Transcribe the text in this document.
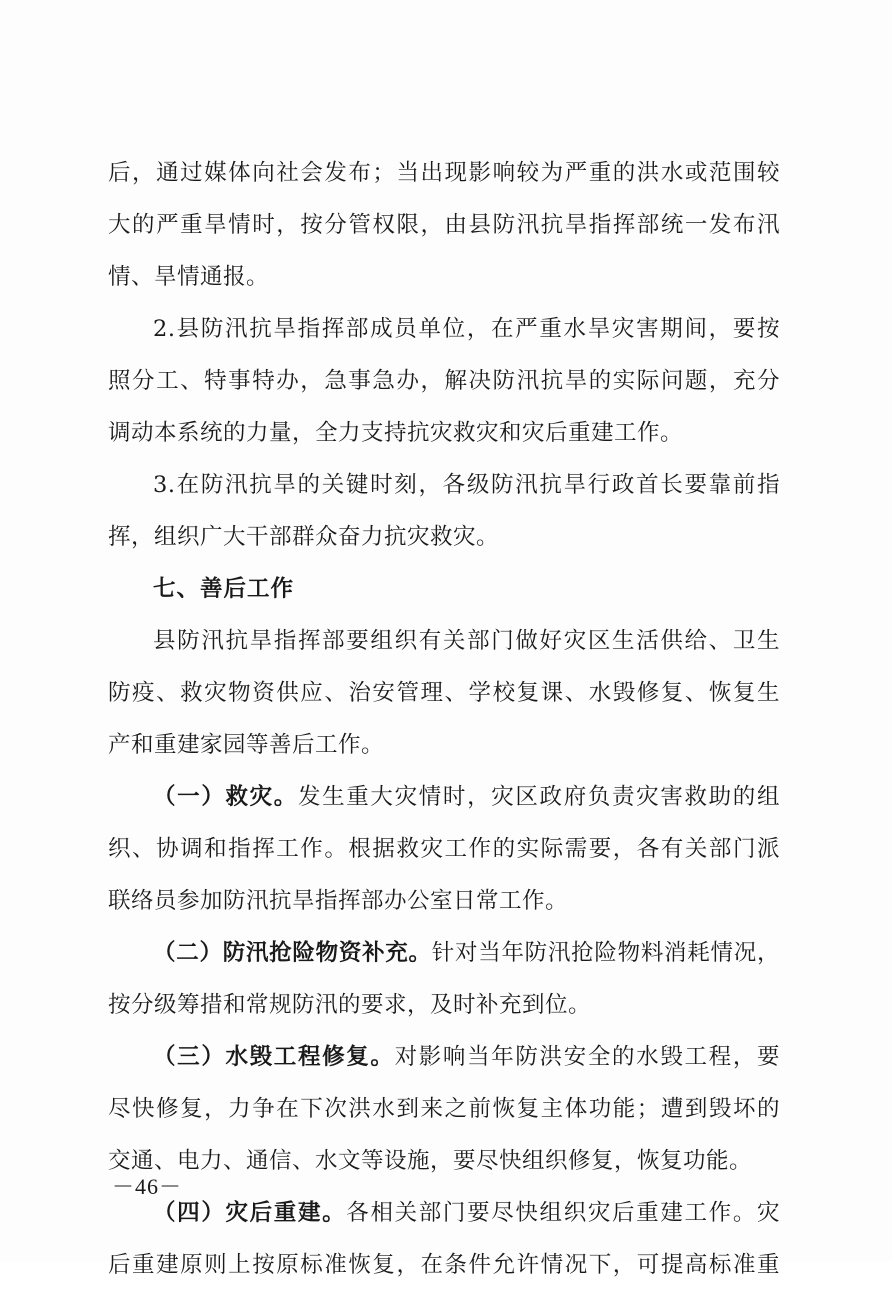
后，通过媒体向社会发布；当出现影响较为严重的洪水或范围较
大的严重旱情时，按分管权限，由县防汛抗旱指挥部统一发布汛
情、旱情通报。
2.县防汛抗旱指挥部成员单位，在严重水旱灾害期间，要按
照分工、特事特办，急事急办，解决防汛抗旱的实际问题，充分
调动本系统的力量，全力支持抗灾救灾和灾后重建工作。
3.在防汛抗旱的关键时刻，各级防汛抗旱行政首长要靠前指
挥，组织广大干部群众奋力抗灾救灾。
七、善后工作
县防汛抗旱指挥部要组织有关部门做好灾区生活供给、卫生
防疫、救灾物资供应、治安管理、学校复课、水毁修复、恢复生
产和重建家园等善后工作。
（一）救灾。发生重大灾情时，灾区政府负责灾害救助的组
织、协调和指挥工作。根据救灾工作的实际需要，各有关部门派
联络员参加防汛抗旱指挥部办公室日常工作。
（二）防汛抢险物资补充。针对当年防汛抢险物料消耗情况，
按分级筹措和常规防汛的要求，及时补充到位。
（三）水毁工程修复。对影响当年防洪安全的水毁工程，要
尽快修复，力争在下次洪水到来之前恢复主体功能；遭到毁坏的
交通、电力、通信、水文等设施，要尽快组织修复，恢复功能。
（四）灾后重建。各相关部门要尽快组织灾后重建工作。灾
后重建原则上按原标准恢复，在条件允许情况下，可提高标准重
－46－
